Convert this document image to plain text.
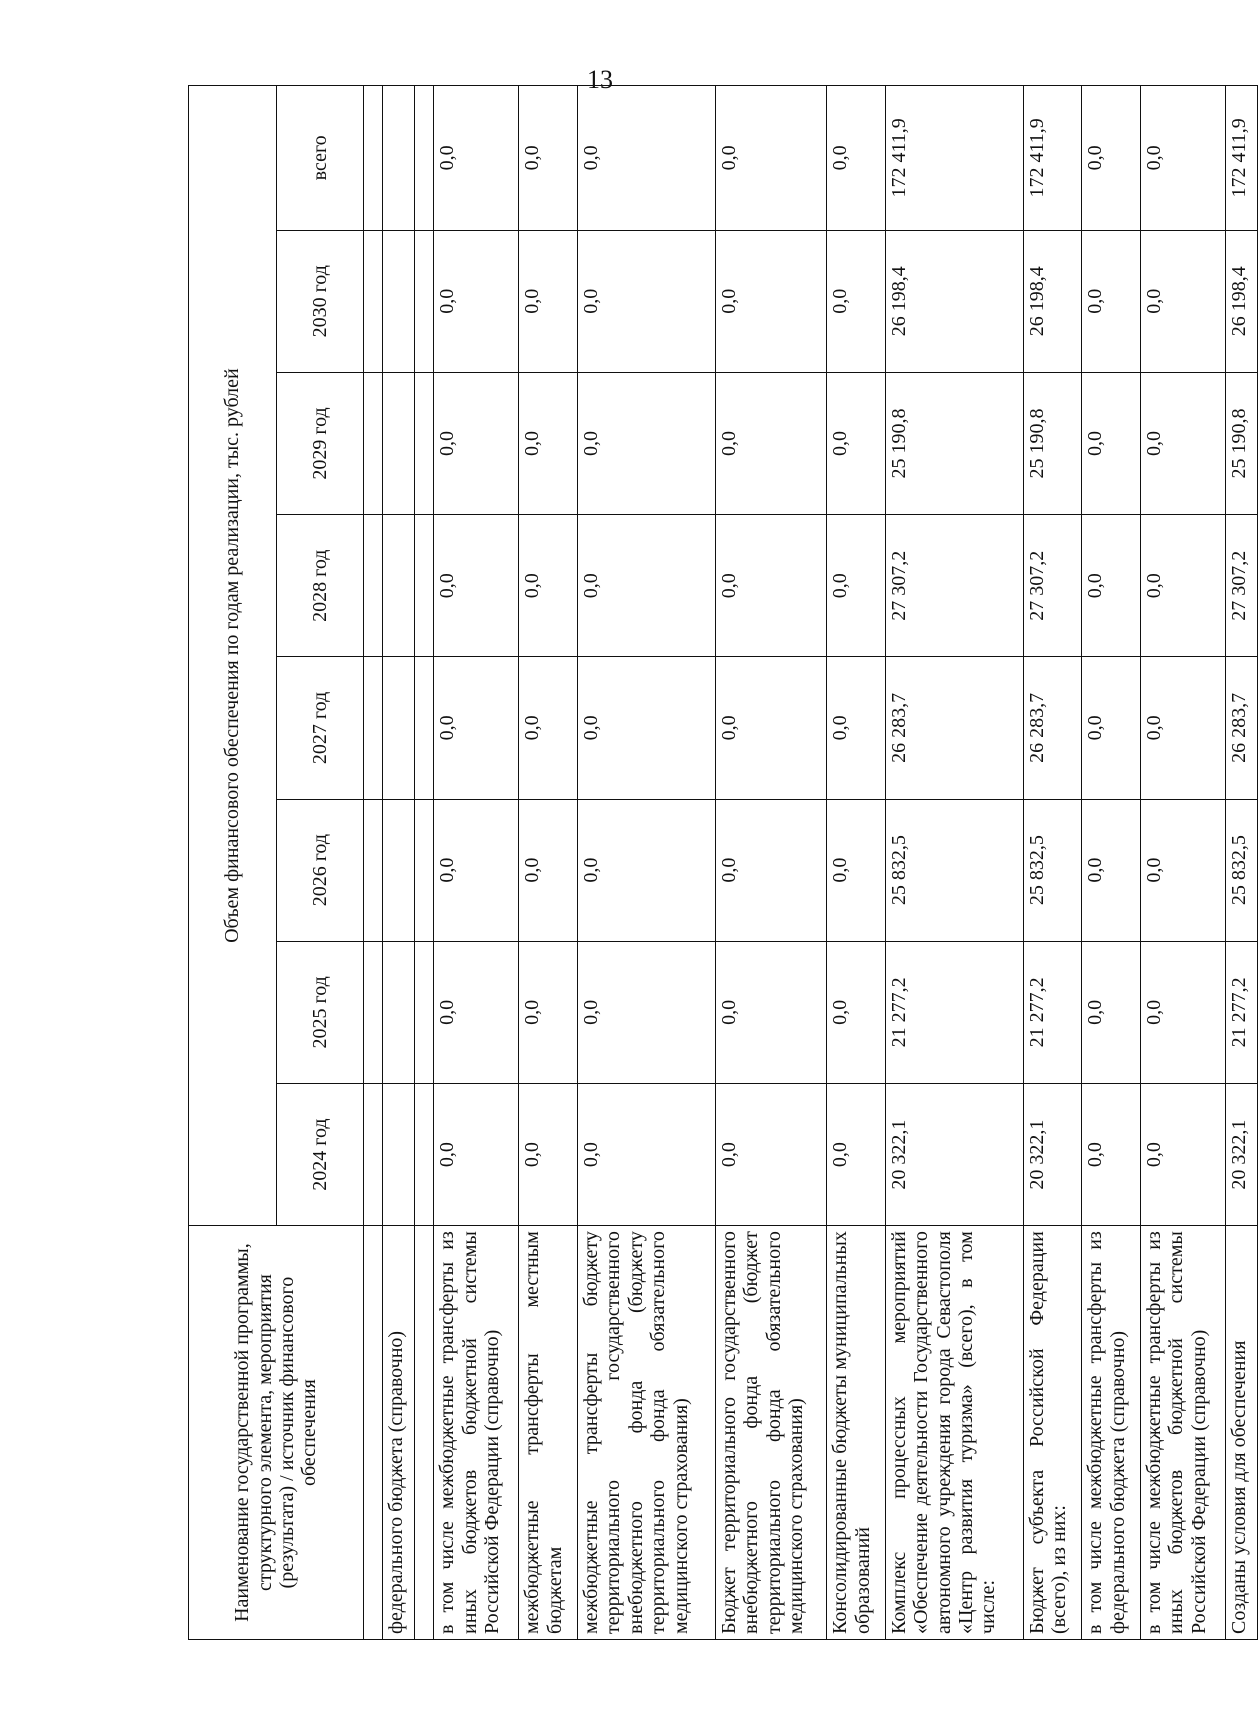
13
Наименование государственной программы, структурного элемента, мероприятия (результата) / источник финансового обеспечения	Объем финансового обеспечения по годам реализации, тыс. рублей							
	2024 год	2025 год	2026 год	2027 год	2028 год	2029 год	2030 год	всего

федерального бюджета (справочно)								

в том числе межбюджетные трансферты из иных бюджетов бюджетной системы Российской Федерации (справочно)	0,0	0,0	0,0	0,0	0,0	0,0	0,0	0,0
межбюджетные трансферты местным бюджетам	0,0	0,0	0,0	0,0	0,0	0,0	0,0	0,0
межбюджетные трансферты бюджету территориального государственного внебюджетного фонда (бюджету территориального фонда обязательного медицинского страхования)	0,0	0,0	0,0	0,0	0,0	0,0	0,0	0,0
Бюджет территориального государственного внебюджетного фонда (бюджет территориального фонда обязательного медицинского страхования)	0,0	0,0	0,0	0,0	0,0	0,0	0,0	0,0
Консолидированные бюджеты муниципальных образований	0,0	0,0	0,0	0,0	0,0	0,0	0,0	0,0
Комплекс процессных мероприятий «Обеспечение деятельности Государственного автономного учреждения города Севастополя «Центр развития туризма» (всего), в том числе:	20 322,1	21 277,2	25 832,5	26 283,7	27 307,2	25 190,8	26 198,4	172 411,9
Бюджет субъекта Российской Федерации (всего), из них:	20 322,1	21 277,2	25 832,5	26 283,7	27 307,2	25 190,8	26 198,4	172 411,9
в том числе межбюджетные трансферты из федерального бюджета (справочно)	0,0	0,0	0,0	0,0	0,0	0,0	0,0	0,0
в том числе межбюджетные трансферты из иных бюджетов бюджетной системы Российской Федерации (справочно)	0,0	0,0	0,0	0,0	0,0	0,0	0,0	0,0
Созданы условия для обеспечения	20 322,1	21 277,2	25 832,5	26 283,7	27 307,2	25 190,8	26 198,4	172 411,9
